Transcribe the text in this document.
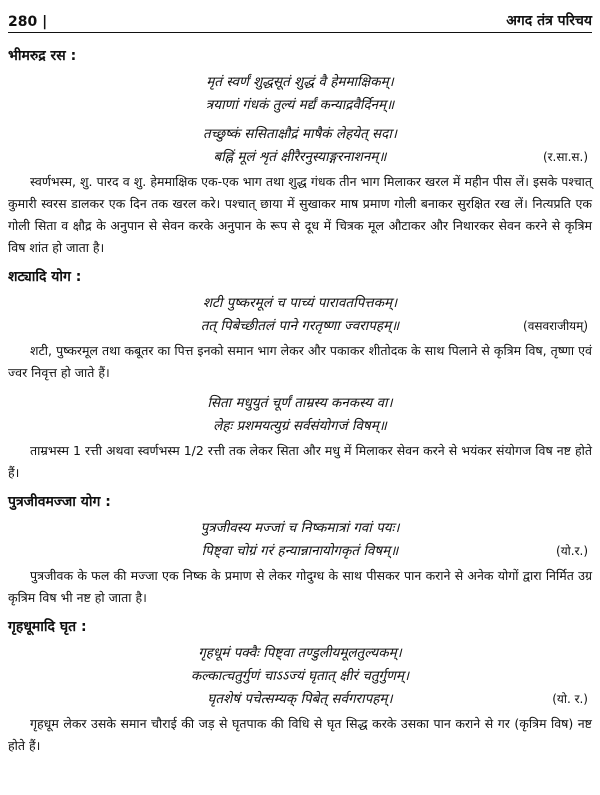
280 |	अगद तंत्र परिचय
भीमरुद्र रस :
मृतं स्वर्णं शुद्धसूतं शुद्धं वै हेममाक्षिकम्।
त्रयाणां गंधकं तुल्यं मर्द्यं कन्याद्रवैर्दिनम्॥
तच्छुष्कं ससिताक्षौद्रं माषैकं लेहयेत् सदा।
बह्निं मूलं शृतं क्षीरैरनुस्याङ्गरनाशनम्॥	(र.सा.स.)

स्वर्णभस्म, शु. पारद व शु. हेममाक्षिक एक-एक भाग तथा शुद्ध गंधक तीन भाग मिलाकर खरल में महीन पीस लें। इसके पश्चात् कुमारी स्वरस डालकर एक दिन तक खरल करे। पश्चात् छाया में सुखाकर माष प्रमाण गोली बनाकर सुरक्षित रख लें। नित्यप्रति एक गोली सिता व क्षौद्र के अनुपान से सेवन करके अनुपान के रूप से दूध में चित्रक मूल औटाकर और निथारकर सेवन करने से कृत्रिम विष शांत हो जाता है।

शट्यादि योग :
शटी पुष्करमूलं च पाच्यं पारावतपित्तकम्।
तत् पिबेच्छीतलं पाने गरतृष्णा ज्वरापहम्॥	(वसवराजीयम्)

शटी, पुष्करमूल तथा कबूतर का पित्त इनको समान भाग लेकर और पकाकर शीतोदक के साथ पिलाने से कृत्रिम विष, तृष्णा एवं ज्वर निवृत्त हो जाते हैं।

सिता मधुयुतं चूर्णं ताम्रस्य कनकस्य वा।
लेहः प्रशमयत्युग्रं सर्वसंयोगजं विषम्॥

ताम्रभस्म 1 रत्ती अथवा स्वर्णभस्म 1/2 रत्ती तक लेकर सिता और मधु में मिलाकर सेवन करने से भयंकर संयोगज विष नष्ट होते हैं।

पुत्रजीवमज्जा योग :
पुत्रजीवस्य मज्जां च निष्कमात्रां गवां पयः।
पिष्ट्वा चोग्रं गरं हन्यान्नानायोगकृतं विषम्॥	(यो.र.)

पुत्रजीवक के फल की मज्जा एक निष्क के प्रमाण से लेकर गोदुग्ध के साथ पीसकर पान कराने से अनेक योगों द्वारा निर्मित उग्र कृत्रिम विष भी नष्ट हो जाता है।

गृहधूमादि घृत :
गृहधूमं पक्वैः पिष्ट्वा तण्डुलीयमूलतुल्यकम्।
कल्कात्चतुर्गुणं चाऽऽज्यं घृतात् क्षीरं चतुर्गुणम्।
घृतशेषं पचेत्सम्यक् पिबेत् सर्वगरापहम्।	(यो. र.)

गृहधूम लेकर उसके समान चौराई की जड़ से घृतपाक की विधि से घृत सिद्ध करके उसका पान कराने से गर (कृत्रिम विष) नष्ट होते हैं।
